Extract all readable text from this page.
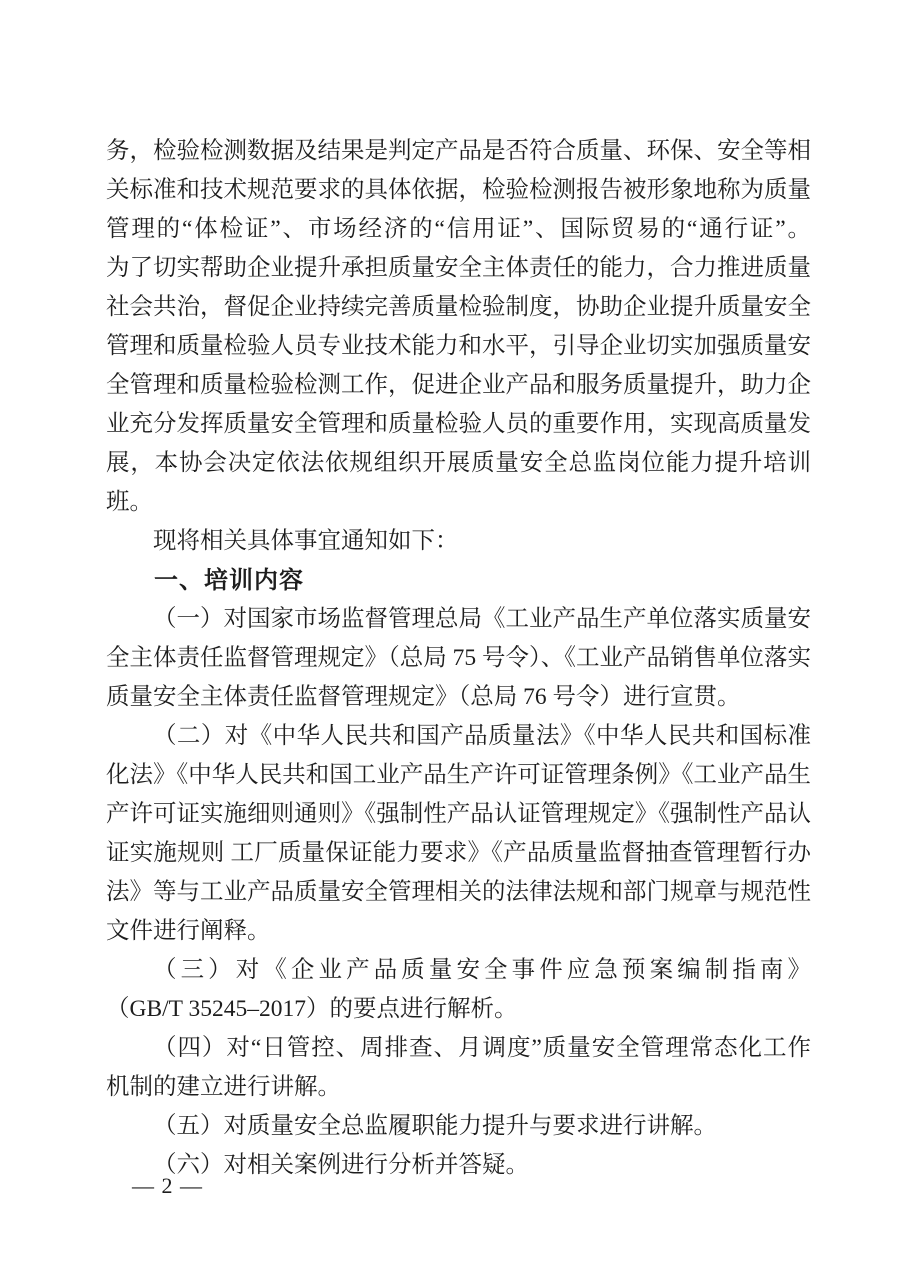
务，检验检测数据及结果是判定产品是否符合质量、环保、安全等相
关标准和技术规范要求的具体依据，检验检测报告被形象地称为质量
管理的“体检证”、市场经济的“信用证”、国际贸易的“通行证”。
为了切实帮助企业提升承担质量安全主体责任的能力，合力推进质量
社会共治，督促企业持续完善质量检验制度，协助企业提升质量安全
管理和质量检验人员专业技术能力和水平，引导企业切实加强质量安
全管理和质量检验检测工作，促进企业产品和服务质量提升，助力企
业充分发挥质量安全管理和质量检验人员的重要作用，实现高质量发
展，本协会决定依法依规组织开展质量安全总监岗位能力提升培训
班。
现将相关具体事宜通知如下：
一、培训内容
（一）对国家市场监督管理总局《工业产品生产单位落实质量安
全主体责任监督管理规定》（总局 75 号令）、《工业产品销售单位落实
质量安全主体责任监督管理规定》（总局 76 号令）进行宣贯。
（二）对《中华人民共和国产品质量法》《中华人民共和国标准
化法》《中华人民共和国工业产品生产许可证管理条例》《工业产品生
产许可证实施细则通则》《强制性产品认证管理规定》《强制性产品认
证实施规则 工厂质量保证能力要求》《产品质量监督抽查管理暂行办
法》等与工业产品质量安全管理相关的法律法规和部门规章与规范性
文件进行阐释。
（三）对《企业产品质量安全事件应急预案编制指南》
（GB/T 35245–2017）的要点进行解析。
（四）对“日管控、周排查、月调度”质量安全管理常态化工作
机制的建立进行讲解。
（五）对质量安全总监履职能力提升与要求进行讲解。
（六）对相关案例进行分析并答疑。
— 2 —
